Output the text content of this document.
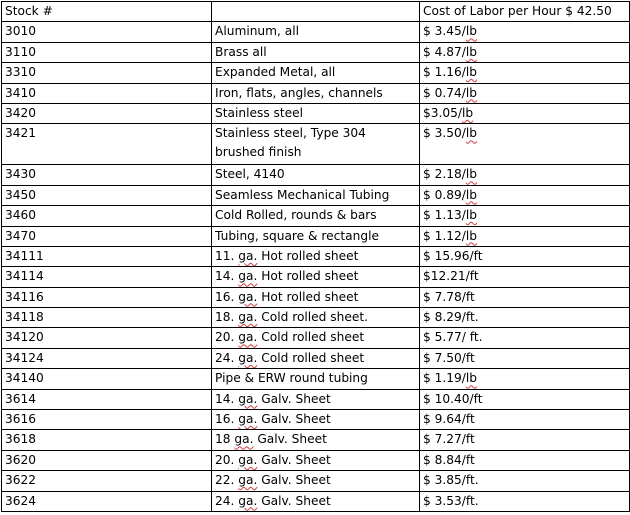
Stock #		Cost of Labor per Hour $ 42.50
3010	Aluminum, all	$ 3.45/lb
3110	Brass all	$ 4.87/lb
3310	Expanded Metal, all	$ 1.16/lb
3410	Iron, flats, angles, channels	$ 0.74/lb
3420	Stainless steel	$3.05/lb
3421	Stainless steel, Type 304 brushed finish	$ 3.50/lb
3430	Steel, 4140	$ 2.18/lb
3450	Seamless Mechanical Tubing	$ 0.89/lb
3460	Cold Rolled, rounds & bars	$ 1.13/lb
3470	Tubing, square & rectangle	$ 1.12/lb
34111	11. ga. Hot rolled sheet	$ 15.96/ft
34114	14. ga. Hot rolled sheet	$12.21/ft
34116	16. ga. Hot rolled sheet	$ 7.78/ft
34118	18. ga. Cold rolled sheet.	$ 8.29/ft.
34120	20. ga. Cold rolled sheet	$ 5.77/ ft.
34124	24. ga. Cold rolled sheet	$ 7.50/ft
34140	Pipe & ERW round tubing	$ 1.19/lb
3614	14. ga. Galv. Sheet	$ 10.40/ft
3616	16. ga. Galv. Sheet	$ 9.64/ft
3618	18 ga. Galv. Sheet	$ 7.27/ft
3620	20. ga. Galv. Sheet	$ 8.84/ft
3622	22. ga. Galv. Sheet	$ 3.85/ft.
3624	24. ga. Galv. Sheet	$ 3.53/ft.
